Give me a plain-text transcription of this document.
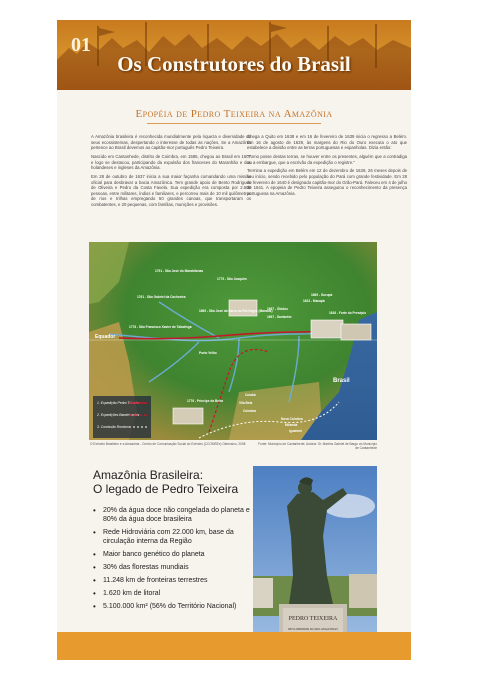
01
Os Construtores do Brasil
Epopéia de Pedro Teixeira na Amazônia

A Amazônia brasileira é reconhecida mundialmente pela riqueza e diversidade de seus ecossistemas, despertando o interesse de todas as nações. Se a Amazônia pertence ao Brasil devemos ao capitão-mor português Pedro Teixeira.

Nascido em Cantanhede, distrito de Coimbra, em 1585, chegou ao Brasil em 1607 e logo se destacou, participando da expulsão dos franceses do Maranhão e dos holandeses e ingleses da Amazônia.

Em 28 de outubro de 1637 inicia a sua maior façanha comandando uma missão oficial para desbravar a bacia Amazônica. Tem grande apoio de Bento Rodrigues de Oliveira e Pedro da Costa Favela. Sua expedição era composta por 2.500 pessoas, entre militares, índios e familiares, e percorreu mais de 10 mil quilômetros de rios e trilhas empregando 50 grandes canoas, que transportaram os combatentes, e 20 pequenas, com famílias, munições e provisões.

Chega a Quito em 1638 e em 16 de fevereiro de 1639 inicia o regresso a Belém. Em 16 de agosto de 1639, às margens do Rio do Ouro executa o ato que estabelece a divisão entre as terras portuguesas e espanholas. Dizia então:

"Tomo posse destas terras, se houver entre os presentes, alguém que a contradiga ou a embargue, que a escrivão da expedição o registre."

Termina a expedição em Belém em 12 de dezembro de 1639, 26 meses depois de seu início, sendo recebido pelo população do Pará com grande festividade. Em 28 de fevereiro de 1640 é designado capitão-mor do Grão-Pará. Faleceu em 4 de julho de 1641. A epopeia de Pedro Teixeira assegurou o reconhecimento da presença portuguesa na Amazônia.

1791 - São José do Marabitanas
1775 - São Joaquim
1761 - São Gabriel da Cachoeira
1669 - São José da Barra do Rio Negro (Manaus)
1697 - Óbidos
1697 - Santarém
1623 - Macapá
1616 - Forte do Presépio
1776 - São Francisco Xavier de Tabatinga
1776 - Príncipe da Beira
1669 - Gurupá
Porto Velho
Cuiabá
Vila Bela
Coimbra
Nova Coimbra
Miranda
Iguatemi
Equador
Brasil
1. Expedição Pedro Teixeira
2. Expedições Bandeirantes
3. Comissão Rondon
O Exército Brasileiro e a Amazônia - Centro de Comunicação Social do Exército (CCOMSEx) Ostensivo, 2008	Fonte: Município de Cantanhede; Autoria: Sr. Martins Gabriel de Bargo do Município de Cantanhede
Amazônia Brasileira:
O legado de Pedro Teixeira
• 20% da água doce não congelada do planeta e 80% da água doce brasileira
• Rede Hidroviária com 22.000 km, base da circulação interna da Região
• Maior banco genético do planeta
• 30% das florestas mundiais
• 11.248 km de fronteiras terrestres
• 1.620 km de litoral
• 5.100.000 km² (56% do Território Nacional)
PEDRO TEIXEIRA
DESCOBRIDOR DO RIO AMAZONAS
